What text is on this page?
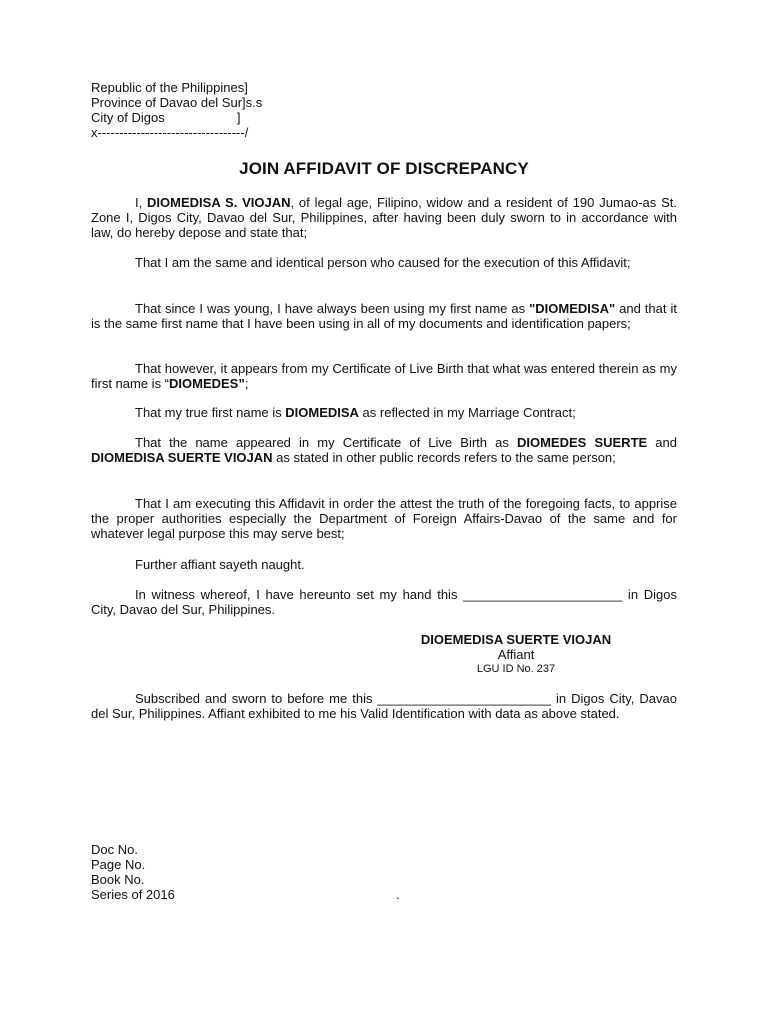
Republic of the Philippines]
Province of Davao del Sur]s.s
City of Digos                    ]
x----------------------------------/
JOIN AFFIDAVIT OF DISCREPANCY
I, DIOMEDISA S. VIOJAN, of legal age, Filipino, widow and a resident of 190 Jumao-as St. Zone I, Digos City, Davao del Sur, Philippines, after having been duly sworn to in accordance with law, do hereby depose and state that;
That I am the same and identical person who caused for the execution of this Affidavit;
That since I was young, I have always been using my first name as "DIOMEDISA" and that it is the same first name that I have been using in all of my documents and identification papers;
That however, it appears from my Certificate of Live Birth that what was entered therein as my first name is “DIOMEDES”;
That my true first name is DIOMEDISA as reflected in my Marriage Contract;
That the name appeared in my Certificate of Live Birth as DIOMEDES SUERTE and DIOMEDISA SUERTE VIOJAN as stated in other public records refers to the same person;
That I am executing this Affidavit in order the attest the truth of the foregoing facts, to apprise the proper authorities especially the Department of Foreign Affairs-Davao of the same and for whatever legal purpose this may serve best;
Further affiant sayeth naught.
In witness whereof, I have hereunto set my hand this ______________________ in Digos City, Davao del Sur, Philippines.
DIOEMEDISA SUERTE VIOJAN
Affiant
LGU ID No. 237
Subscribed and sworn to before me this ________________________ in Digos City, Davao del Sur, Philippines. Affiant exhibited to me his Valid Identification with data as above stated.
Doc No.
Page No.
Book No.
Series of 2016	.
